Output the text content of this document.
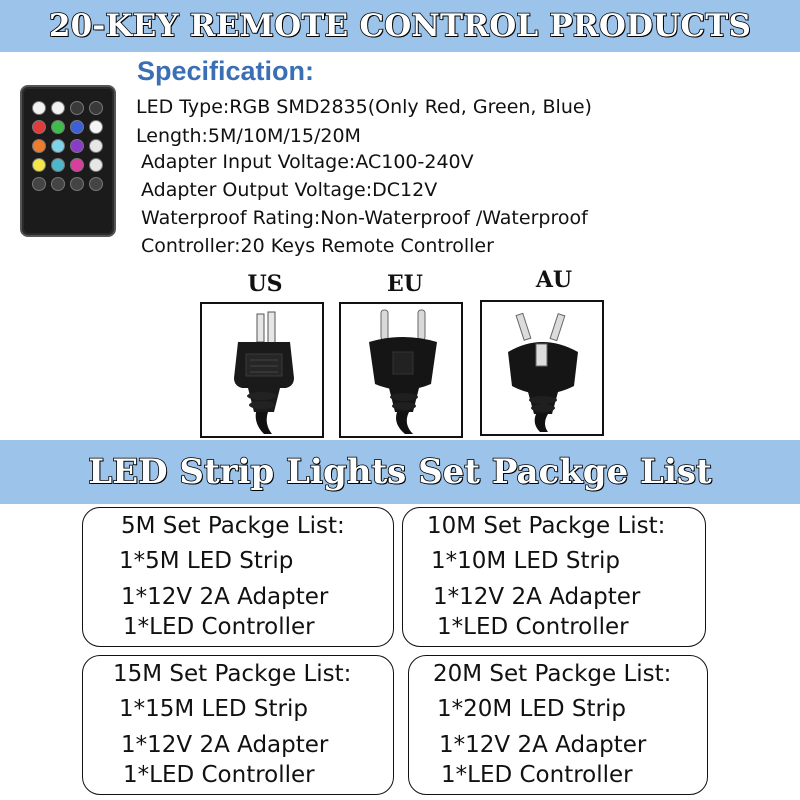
20-KEY REMOTE CONTROL PRODUCTS
Specification:
LED Type:RGB SMD2835(Only Red, Green, Blue)
Length:5M/10M/15/20M
Adapter Input Voltage:AC100-240V
Adapter Output Voltage:DC12V
Waterproof Rating:Non-Waterproof /Waterproof
Controller:20 Keys Remote Controller
US	EU	AU
LED Strip Lights Set Packge List
5M Set Packge List:
1*5M LED Strip
1*12V 2A Adapter
1*LED Controller
10M Set Packge List:
1*10M LED Strip
1*12V 2A Adapter
1*LED Controller
15M Set Packge List:
1*15M LED Strip
1*12V 2A Adapter
1*LED Controller
20M Set Packge List:
1*20M LED Strip
1*12V 2A Adapter
1*LED Controller
